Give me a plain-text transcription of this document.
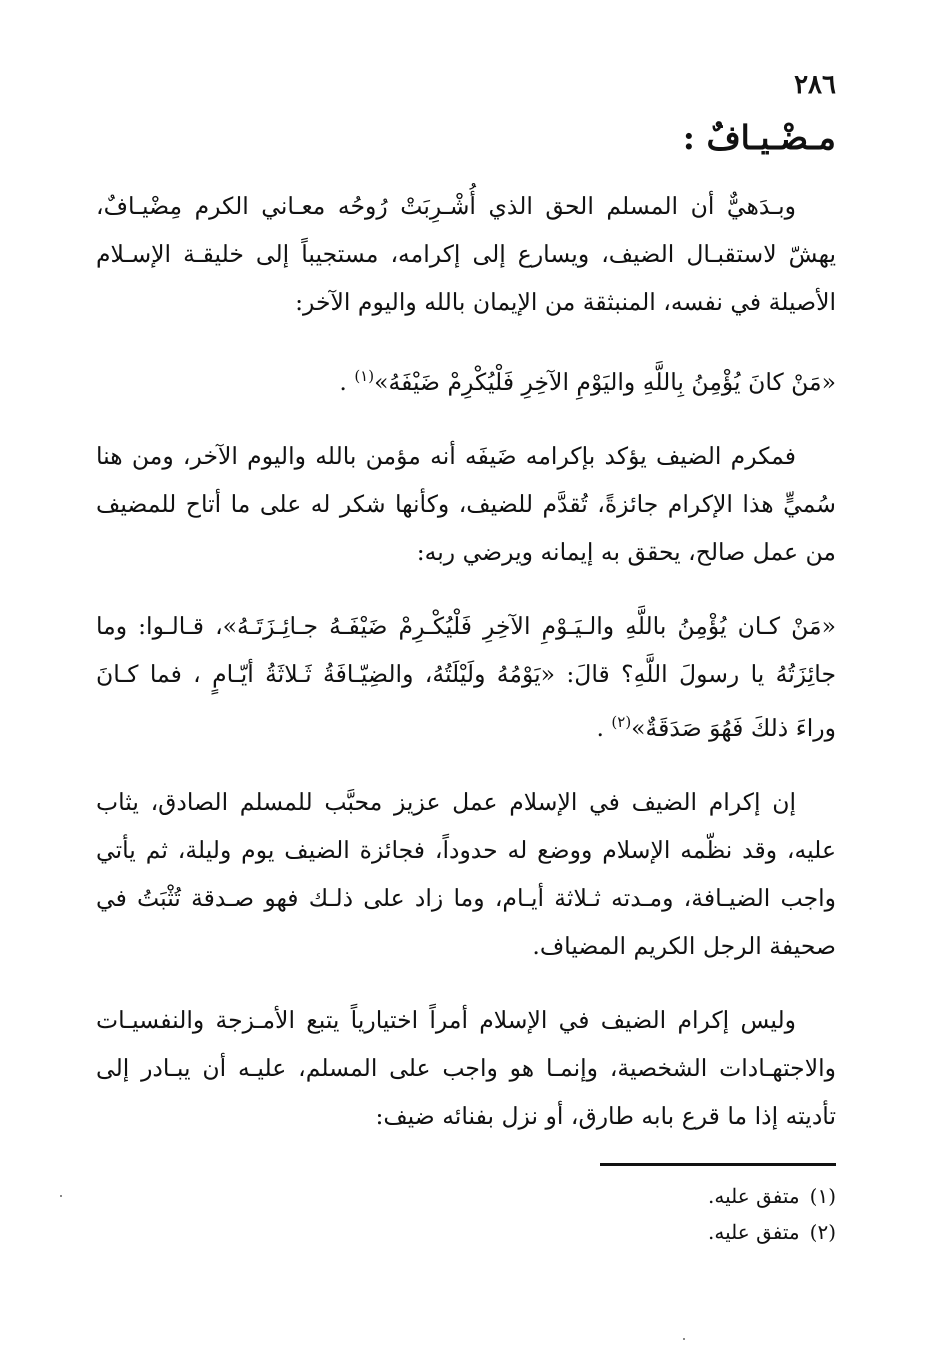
٢٨٦
مـضْـيـافٌ :

وبـدَهيٌّ أن المسلم الحق الذي أُشْـرِبَتْ رُوحُه معـاني الكرم مِضْيـافٌ، يهشّ لاستقبـال الضيف، ويسارع إلى إكرامه، مستجيباً إلى خليقـة الإسـلام الأصيلة في نفسه، المنبثقة من الإيمان بالله واليوم الآخر:

«مَنْ كانَ يُؤْمِنُ بِاللَّهِ واليَوْمِ الآخِرِ فَلْيُكْرِمْ ضَيْفَهُ»$^{(١)}$ .

فمكرم الضيف يؤكد بإكرامه ضَيفَه أنه مؤمن بالله واليوم الآخر، ومن هنا سُميٍّ هذا الإكرام جائزةً، تُقدَّم للضيف، وكأنها شكر له على ما أتاح للمضيف من عمل صالح، يحقق به إيمانه ويرضي ربه:

«مَنْ كـان يُؤْمِنُ باللَّهِ والـيَـوْمِ الآخِرِ فَلْيُكْـرِمْ ضَيْفَـهُ جـائِـزَتَـهُ»، قـالـوا: وما جائِزَتُهُ يا رسولَ اللَّهِ؟ قالَ: «يَوْمُهُ ولَيْلَتُهُ، والضِيّـافَةُ ثَـلاثَةُ أيّـامٍ ، فما كـانَ وراءَ ذلكَ فَهُوَ صَدَقَةٌ»$^{(٢)}$ .

إن إكرام الضيف في الإسلام عمل عزيز محبَّب للمسلم الصادق، يثاب عليه، وقد نظّمه الإسلام ووضع له حدوداً، فجائزة الضيف يوم وليلة، ثم يأتي واجب الضيـافة، ومـدته ثـلاثة أيـام، وما زاد على ذلـك فهو صـدقة تُثْبَتُ في صحيفة الرجل الكريم المضياف.

وليس إكرام الضيف في الإسلام أمراً اختيارياً يتبع الأمـزجة والنفسيـات والاجتهـادات الشخصية، وإنمـا هو واجب على المسلم، عليـه أن يبـادر إلى تأديته إذا ما قرع بابه طارق، أو نزل بفنائه ضيف:

(١)متفق عليه.

(٢)متفق عليه.
